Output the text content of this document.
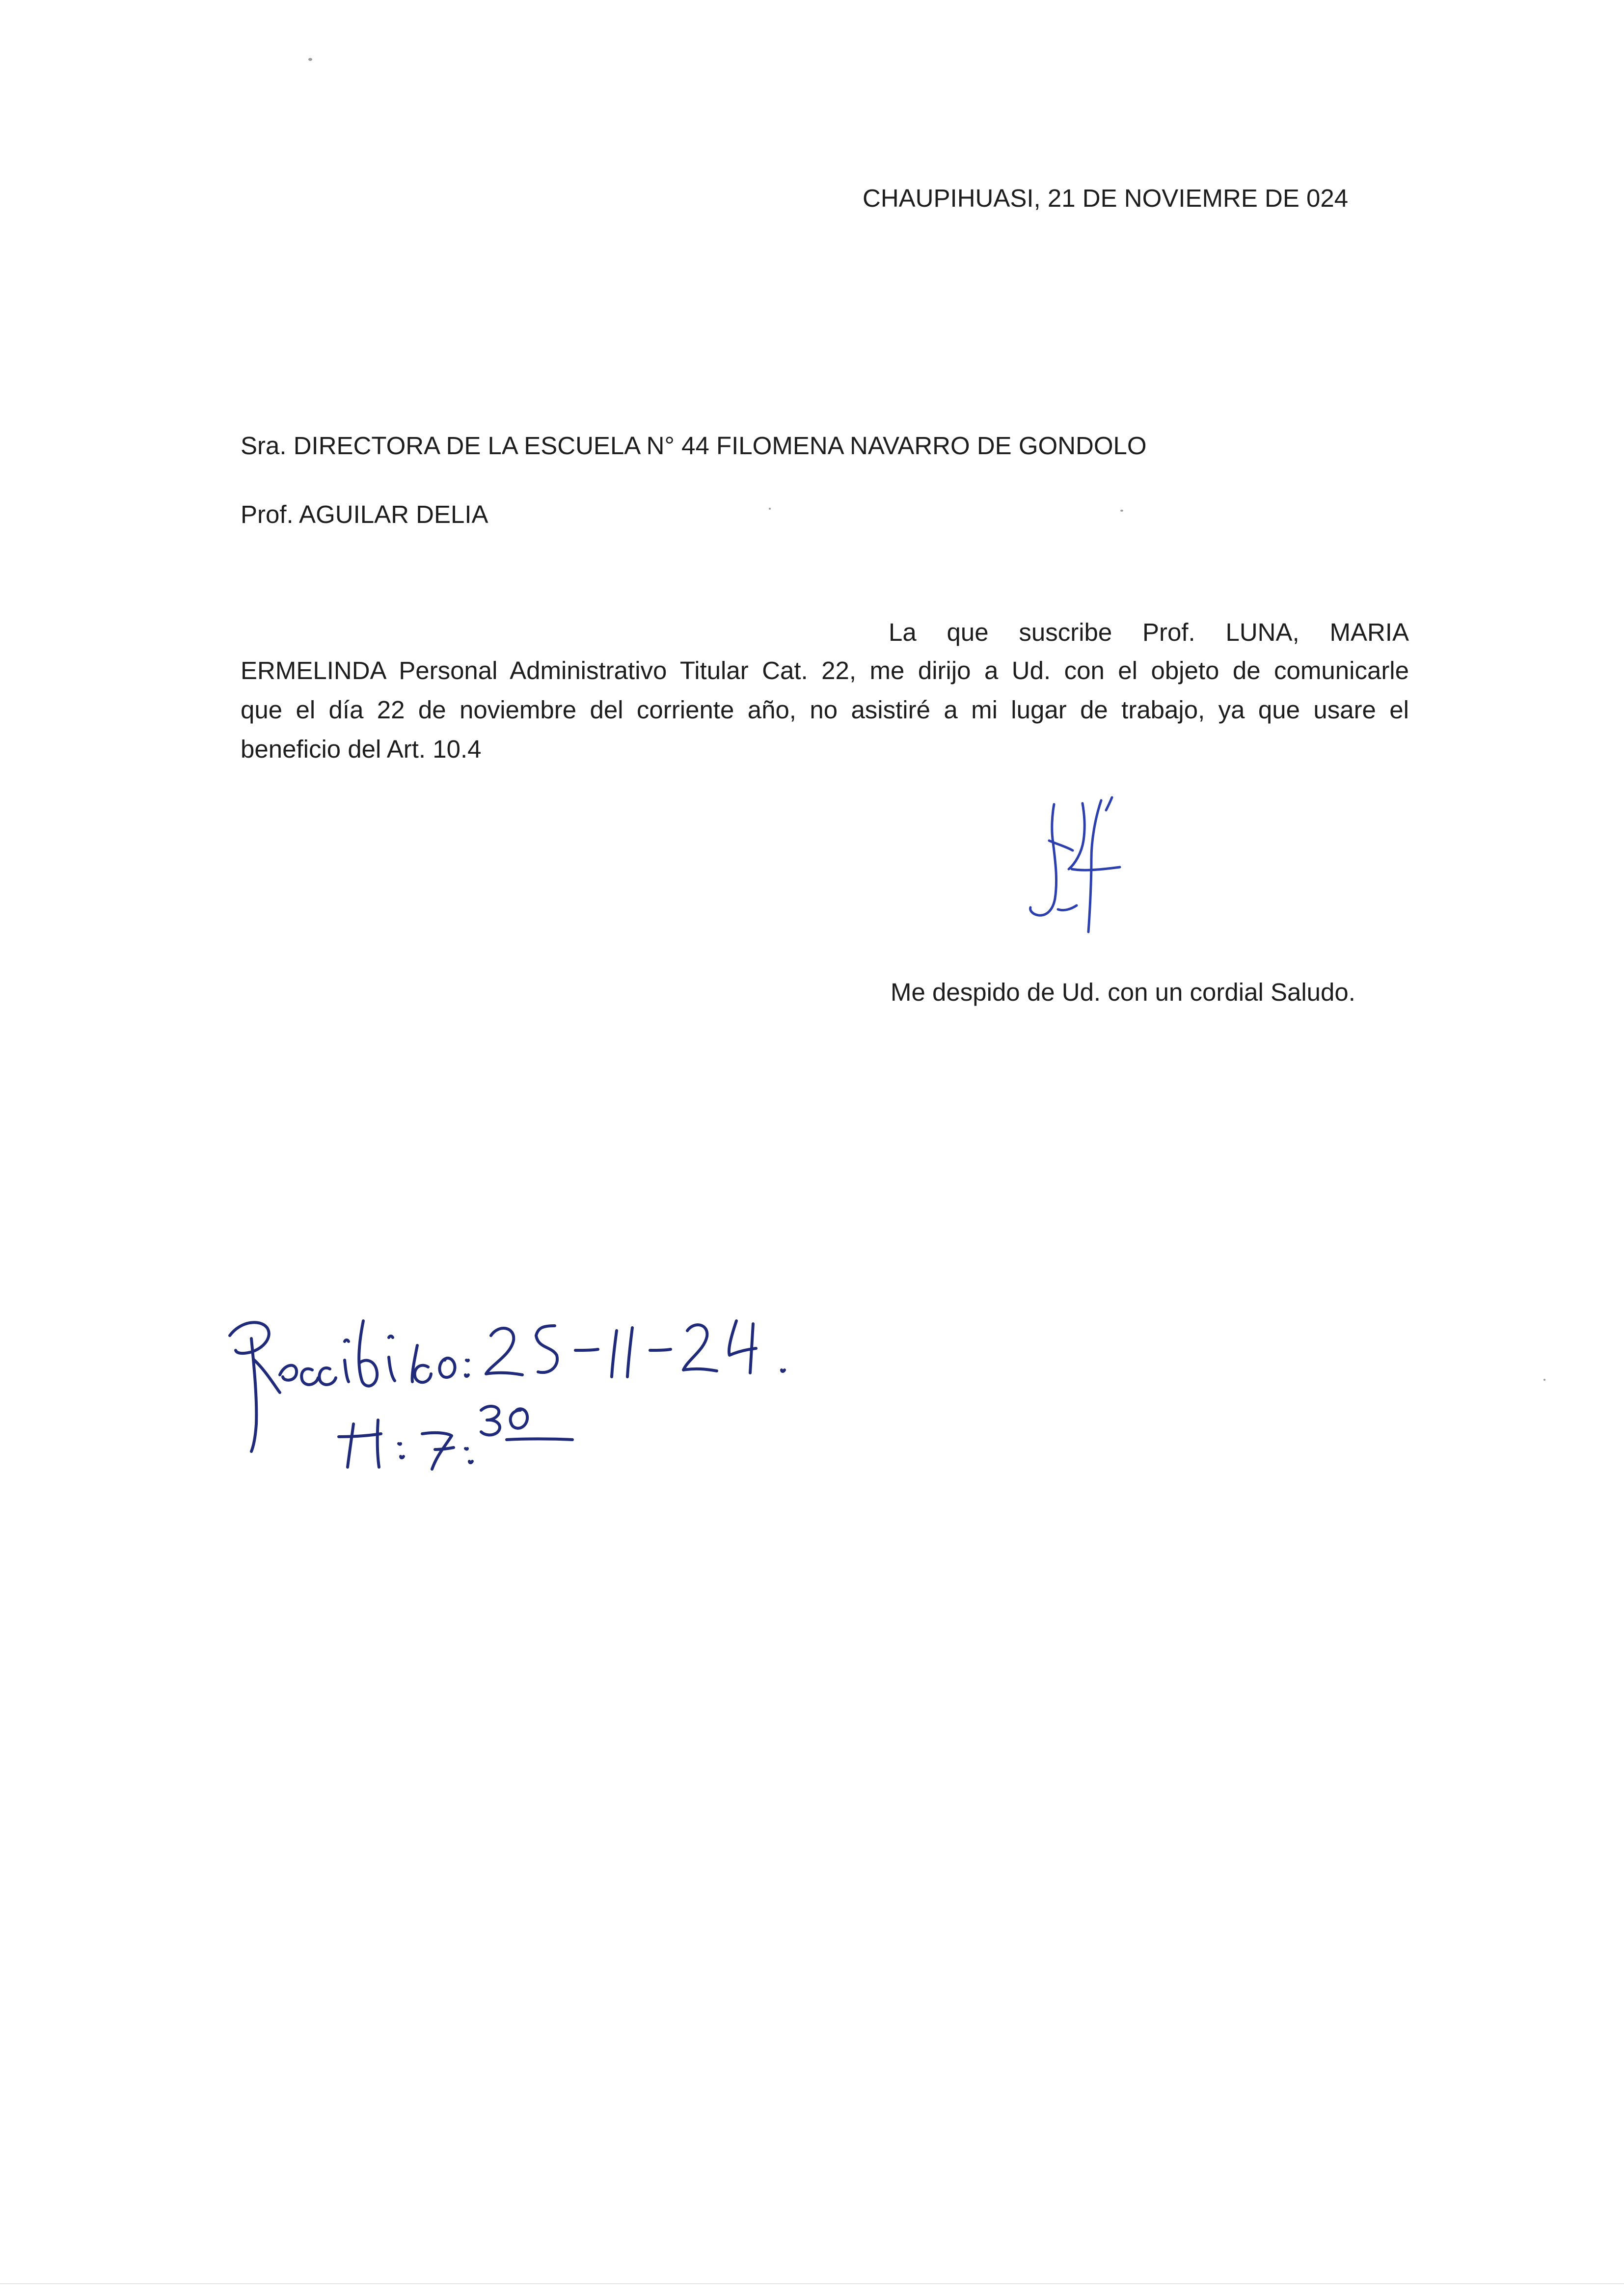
CHAUPIHUASI, 21 DE NOVIEMRE DE 024
Sra. DIRECTORA DE LA ESCUELA N° 44 FILOMENA NAVARRO DE GONDOLO
Prof. AGUILAR DELIA
La que suscribe Prof. LUNA, MARIA
ERMELINDA Personal Administrativo Titular Cat. 22, me dirijo a Ud. con el objeto de comunicarle
que el día 22 de noviembre del corriente año, no asistiré a mi lugar de trabajo, ya que usare el
beneficio del Art. 10.4
Me despido de Ud. con un cordial Saludo.
